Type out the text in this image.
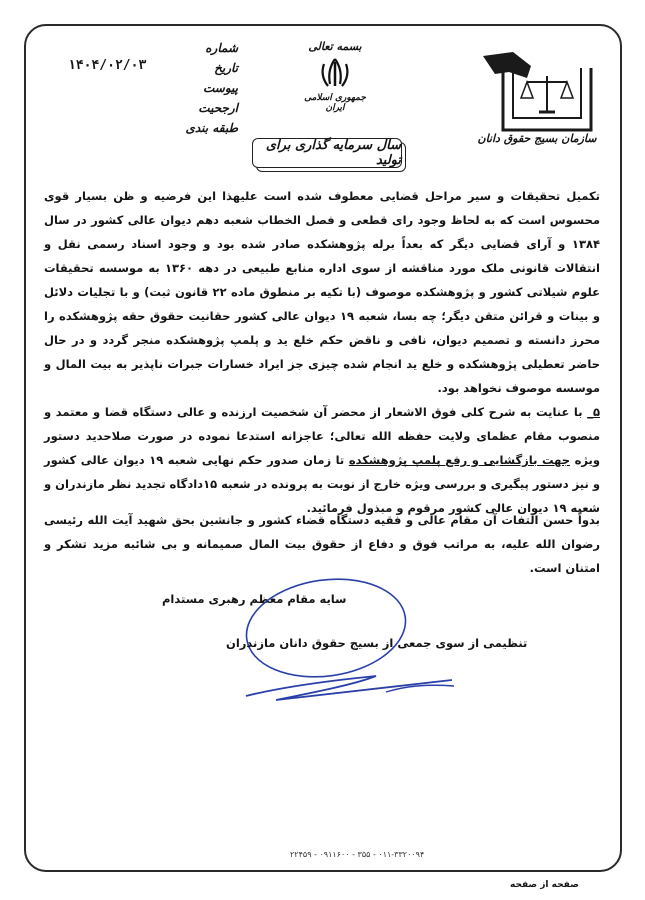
سازمان بسیج حقوق دانان
بسمه تعالی
جمهوری اسلامی ایران
شماره
تاریخ
پیوست
ارجحیت
طبقه بندی
۱۴۰۴/۰۲/۰۳
سال سرمایه گذاری برای تولید
تکمیل تحقیقات و سیر مراحل قضایی معطوف شده است علیهذا این فرضیه و ظن بسیار قوی محسوس است که به لحاظ وجود رای قطعی و فصل الخطاب شعبه دهم دیوان عالی کشور در سال ۱۳۸۴ و آرای قضایی دیگر که بعداً برله پژوهشکده صادر شده بود و وجود اسناد رسمی نقل و انتقالات قانونی ملک مورد مناقشه از سوی اداره منابع طبیعی در دهه ۱۳۶۰ به موسسه تحقیقات علوم شیلاتی کشور و پژوهشکده موصوف (با تکیه بر منطوق ماده ۲۲ قانون ثبت) و با تجلیات دلائل و بینات و قرائن متقن دیگر؛ چه بسا، شعبه ۱۹ دیوان عالی کشور حقانیت حقوق حقه پژوهشکده را محرز دانسته و تصمیم دیوان، نافی و ناقض حکم خلع ید و پلمپ پژوهشکده منجر گردد و در حال حاضر تعطیلی پژوهشکده و خلع ید انجام شده چیزی جز ایراد خسارات جبرات ناپذیر به بیت المال و موسسه موصوف نخواهد بود.
۵_ با عنایت به شرح کلی فوق الاشعار از محضر آن شخصیت ارزنده و عالی دستگاه قضا و معتمد و منصوب مقام عظمای ولایت حفظه الله تعالی؛ عاجزانه استدعا نموده در صورت صلاحدید دستور ویژه جهت بازگشایی و رفع پلمپ پژوهشکده تا زمان صدور حکم نهایی شعبه ۱۹ دیوان عالی کشور و نیز دستور پیگیری و بررسی ویژه خارج از نوبت به پرونده در شعبه ۱۵دادگاه تجدید نظر مازندران و شعبه ۱۹ دیوان عالی کشور مرقوم و مبذول فرمائید.
بدواً حسن التفات آن مقام عالی و فقیه دستگاه قضاء کشور و جانشین بحق شهید آیت الله رئیسی رضوان الله علیه، به مراتب فوق و دفاع از حقوق بیت المال صمیمانه و بی شائبه مزید تشکر و امتنان است.
سایه مقام معظم رهبری مستدام
تنظیمی از سوی جمعی از بسیج حقوق دانان مازندران
۰۱۱-۳۳۲۰۰۹۴ - ۳۵۵ - ۰۹۱۱۶۰۰ - ۲۲۴۵۹
صفحه از صفحه
